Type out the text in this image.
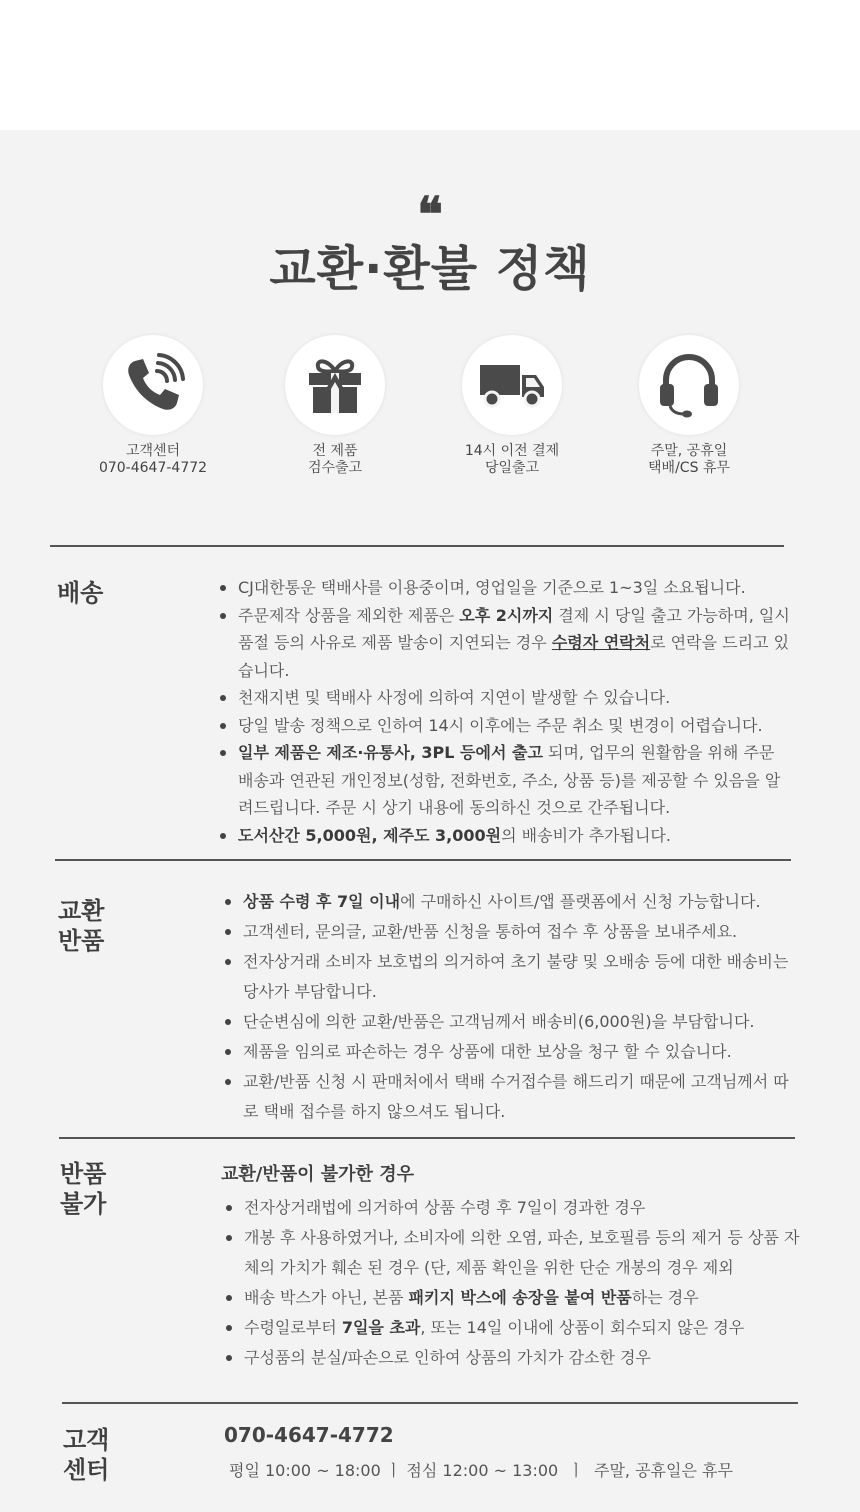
❝
교환·환불 정책
고객센터
070-4647-4772
전 제품
검수출고
14시 이전 결제
당일출고
주말, 공휴일
택배/CS 휴무
배송	CJ대한통운 택배사를 이용중이며, 영업일을 기준으로 1~3일 소요됩니다.
주문제작 상품을 제외한 제품은 오후 2시까지 결제 시 당일 출고 가능하며, 일시품절 등의 사유로 제품 발송이 지연되는 경우 수령자 연락처로 연락을 드리고 있습니다.
천재지변 및 택배사 사정에 의하여 지연이 발생할 수 있습니다.
당일 발송 정책으로 인하여 14시 이후에는 주문 취소 및 변경이 어렵습니다.
일부 제품은 제조·유통사, 3PL 등에서 출고 되며, 업무의 원활함을 위해 주문 배송과 연관된 개인정보(성함, 전화번호, 주소, 상품 등)를 제공할 수 있음을 알려드립니다. 주문 시 상기 내용에 동의하신 것으로 간주됩니다.
도서산간 5,000원, 제주도 3,000원의 배송비가 추가됩니다.
교환
반품
상품 수령 후 7일 이내에 구매하신 사이트/앱 플랫폼에서 신청 가능합니다.
고객센터, 문의글, 교환/반품 신청을 통하여 접수 후 상품을 보내주세요.
전자상거래 소비자 보호법의 의거하여 초기 불량 및 오배송 등에 대한 배송비는 당사가 부담합니다.
단순변심에 의한 교환/반품은 고객님께서 배송비(6,000원)을 부담합니다.
제품을 임의로 파손하는 경우 상품에 대한 보상을 청구 할 수 있습니다.
교환/반품 신청 시 판매처에서 택배 수거접수를 해드리기 때문에 고객님께서 따로 택배 접수를 하지 않으셔도 됩니다.
반품
불가
교환/반품이 불가한 경우
전자상거래법에 의거하여 상품 수령 후 7일이 경과한 경우
개봉 후 사용하였거나, 소비자에 의한 오염, 파손, 보호필름 등의 제거 등 상품 자체의 가치가 훼손 된 경우 (단, 제품 확인을 위한 단순 개봉의 경우 제외
배송 박스가 아닌, 본품 패키지 박스에 송장을 붙여 반품하는 경우
수령일로부터 7일을 초과, 또는 14일 이내에 상품이 회수되지 않은 경우
구성품의 분실/파손으로 인하여 상품의 가치가 감소한 경우
고객
센터
070-4647-4772
평일 10:00 ~ 18:00 ㅣ 점심 12:00 ~ 13:00  ㅣ  주말, 공휴일은 휴무
